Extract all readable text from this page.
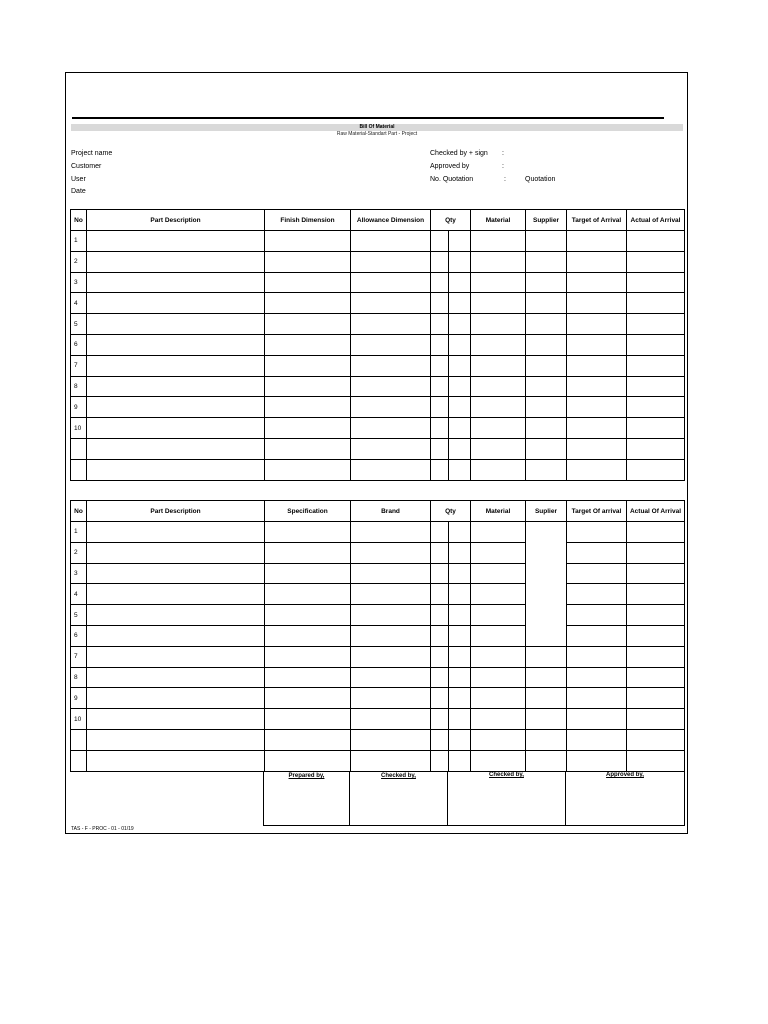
Bill Of Material
Raw Material-Standart Part - Project
Project name
Customer
User
Date
Checked by + sign :
Approved by	:
No. Quotation	:	Quotation
No	Part Description	Finish Dimension	Allowance Dimension	Qty		Material	Supplier	Target of Arrival	Actual of Arrival
1									
2									
3									
4									
5									
6									
7									
8									
9									
10									

No	Part Description	Specification	Brand	Qty		Material	Suplier	Target Of arrival	Actual Of Arrival
1									
2									
3									
4									
5									
6									
7									
8									
9									
10									

Prepared by,	Checked by,	Checked by,	Approved by,
TAS - F - PROC - 01 - 01/19
